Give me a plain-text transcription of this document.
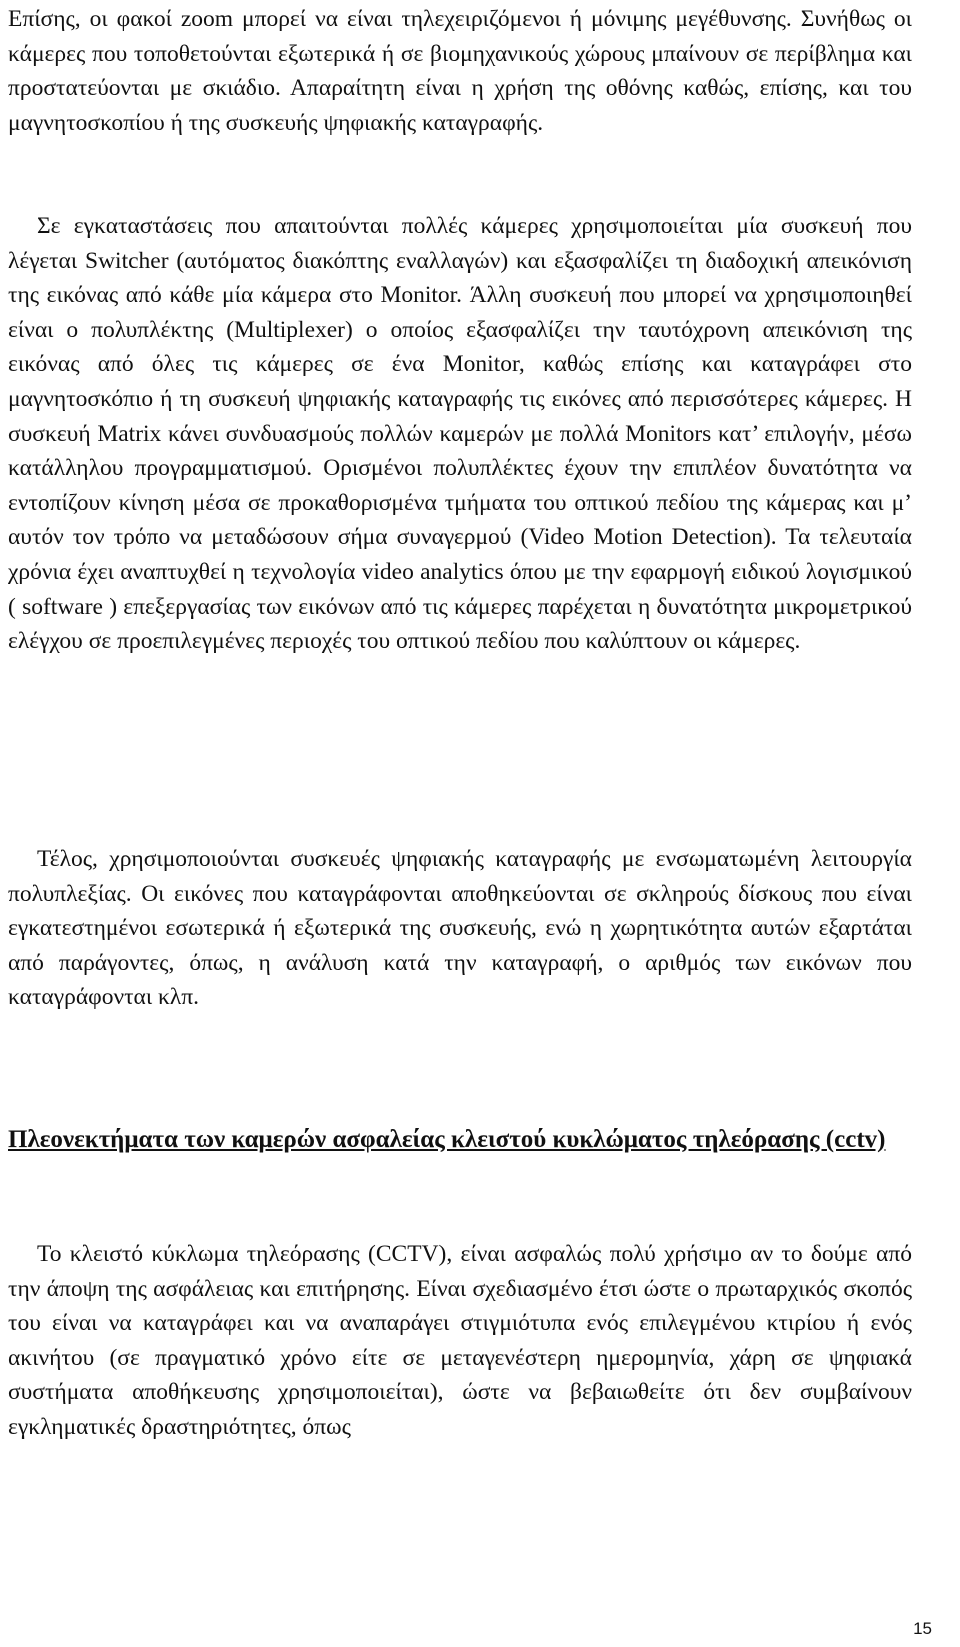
Επίσης, οι φακοί zoom μπορεί να είναι τηλεχειριζόμενοι ή μόνιμης μεγέθυνσης. Συνήθως οι κάμερες που τοποθετούνται εξωτερικά ή σε βιομηχανικούς χώρους μπαίνουν σε περίβλημα και προστατεύονται με σκιάδιο. Απαραίτητη είναι η χρήση της οθόνης καθώς, επίσης, και του μαγνητοσκοπίου ή της συσκευής ψηφιακής καταγραφής.

Σε εγκαταστάσεις που απαιτούνται πολλές κάμερες χρησιμοποιείται μία συσκευή που λέγεται Switcher (αυτόματος διακόπτης εναλλαγών) και εξασφαλίζει τη διαδοχική απεικόνιση της εικόνας από κάθε μία κάμερα στο Monitor. Άλλη συσκευή που μπορεί να χρησιμοποιηθεί είναι ο πολυπλέκτης (Multiplexer) ο οποίος εξασφαλίζει την ταυτόχρονη απεικόνιση της εικόνας από όλες τις κάμερες σε ένα Monitor, καθώς επίσης και καταγράφει στο μαγνητοσκόπιο ή τη συσκευή ψηφιακής καταγραφής τις εικόνες από περισσότερες κάμερες. Η συσκευή Matrix κάνει συνδυασμούς πολλών καμερών με πολλά Monitors κατ’ επιλογήν, μέσω κατάλληλου προγραμματισμού. Ορισμένοι πολυπλέκτες έχουν την επιπλέον δυνατότητα να εντοπίζουν κίνηση μέσα σε προκαθορισμένα τμήματα του οπτικού πεδίου της κάμερας και μ’ αυτόν τον τρόπο να μεταδώσουν σήμα συναγερμού (Video Motion Detection). Τα τελευταία χρόνια έχει αναπτυχθεί η τεχνολογία video analytics όπου με την εφαρμογή ειδικού λογισμικού ( software ) επεξεργασίας των εικόνων από τις κάμερες παρέχεται η δυνατότητα μικρομετρικού ελέγχου σε προεπιλεγμένες περιοχές του οπτικού πεδίου που καλύπτουν οι κάμερες.

Τέλος, χρησιμοποιούνται συσκευές ψηφιακής καταγραφής με ενσωματωμένη λειτουργία πολυπλεξίας. Οι εικόνες που καταγράφονται αποθηκεύονται σε σκληρούς δίσκους που είναι εγκατεστημένοι εσωτερικά ή εξωτερικά της συσκευής, ενώ η χωρητικότητα αυτών εξαρτάται από παράγοντες, όπως, η ανάλυση κατά την καταγραφή, ο αριθμός των εικόνων που καταγράφονται κλπ.

Πλεονεκτήματα των καμερών ασφαλείας κλειστού κυκλώματος τηλεόρασης (cctv)

Το κλειστό κύκλωμα τηλεόρασης (CCTV), είναι ασφαλώς πολύ χρήσιμο αν το δούμε από την άποψη της ασφάλειας και επιτήρησης. Είναι σχεδιασμένο έτσι ώστε ο πρωταρχικός σκοπός του είναι να καταγράφει και να αναπαράγει στιγμιότυπα ενός επιλεγμένου κτιρίου ή ενός ακινήτου (σε πραγματικό χρόνο είτε σε μεταγενέστερη ημερομηνία, χάρη σε ψηφιακά συστήματα αποθήκευσης χρησιμοποιείται), ώστε να βεβαιωθείτε ότι δεν συμβαίνουν εγκληματικές δραστηριότητες, όπως

15
